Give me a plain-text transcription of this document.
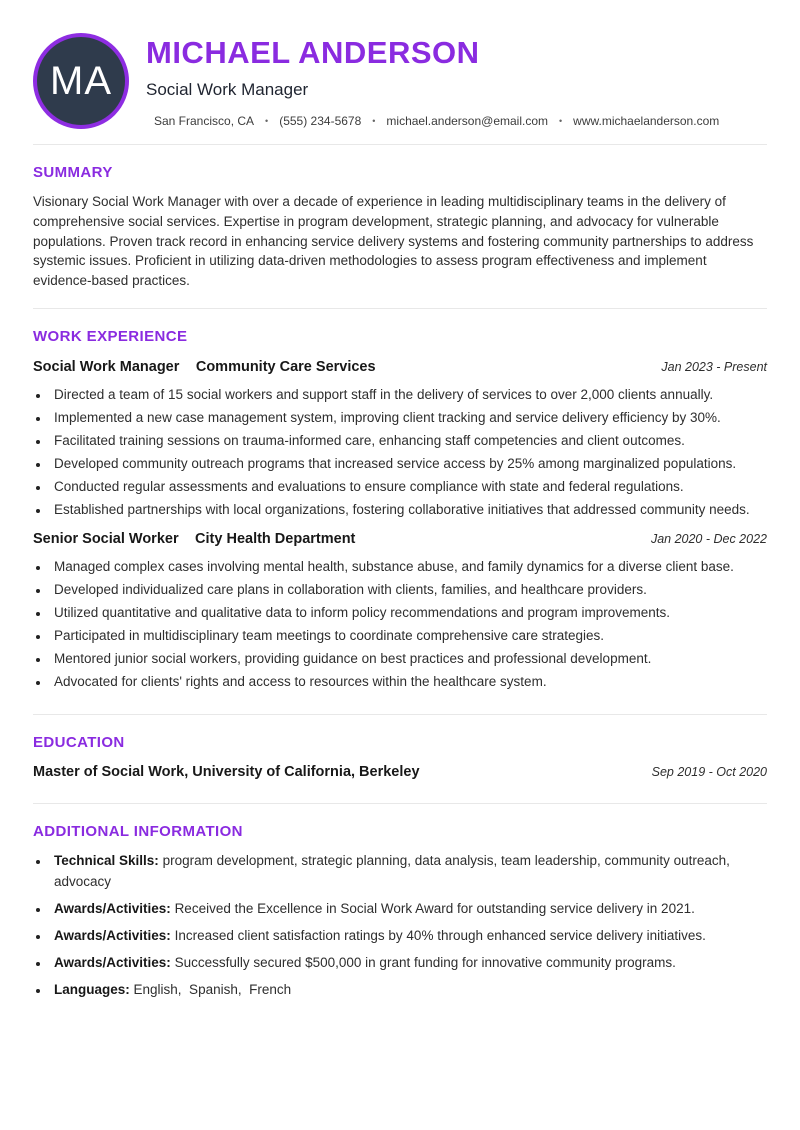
MA
MICHAEL ANDERSON
Social Work Manager
San Francisco, CA • (555) 234-5678 • michael.anderson@email.com • www.michaelanderson.com
SUMMARY

Visionary Social Work Manager with over a decade of experience in leading multidisciplinary teams in the delivery of comprehensive social services. Expertise in program development, strategic planning, and advocacy for vulnerable populations. Proven track record in enhancing service delivery systems and fostering community partnerships to address systemic issues. Proficient in utilizing data-driven methodologies to assess program effectiveness and implement evidence-based practices.

WORK EXPERIENCE
Social Work Manager Community Care Services	Jan 2023 - Present
• Directed a team of 15 social workers and support staff in the delivery of services to over 2,000 clients annually.
• Implemented a new case management system, improving client tracking and service delivery efficiency by 30%.
• Facilitated training sessions on trauma-informed care, enhancing staff competencies and client outcomes.
• Developed community outreach programs that increased service access by 25% among marginalized populations.
• Conducted regular assessments and evaluations to ensure compliance with state and federal regulations.
• Established partnerships with local organizations, fostering collaborative initiatives that addressed community needs.
Senior Social Worker City Health Department	Jan 2020 - Dec 2022
• Managed complex cases involving mental health, substance abuse, and family dynamics for a diverse client base.
• Developed individualized care plans in collaboration with clients, families, and healthcare providers.
• Utilized quantitative and qualitative data to inform policy recommendations and program improvements.
• Participated in multidisciplinary team meetings to coordinate comprehensive care strategies.
• Mentored junior social workers, providing guidance on best practices and professional development.
• Advocated for clients' rights and access to resources within the healthcare system.
EDUCATION
Master of Social Work, University of California, Berkeley	Sep 2019 - Oct 2020
ADDITIONAL INFORMATION
• Technical Skills: program development, strategic planning, data analysis, team leadership, community outreach, advocacy
• Awards/Activities: Received the Excellence in Social Work Award for outstanding service delivery in 2021.
• Awards/Activities: Increased client satisfaction ratings by 40% through enhanced service delivery initiatives.
• Awards/Activities: Successfully secured $500,000 in grant funding for innovative community programs.
• Languages: English,  Spanish,  French
